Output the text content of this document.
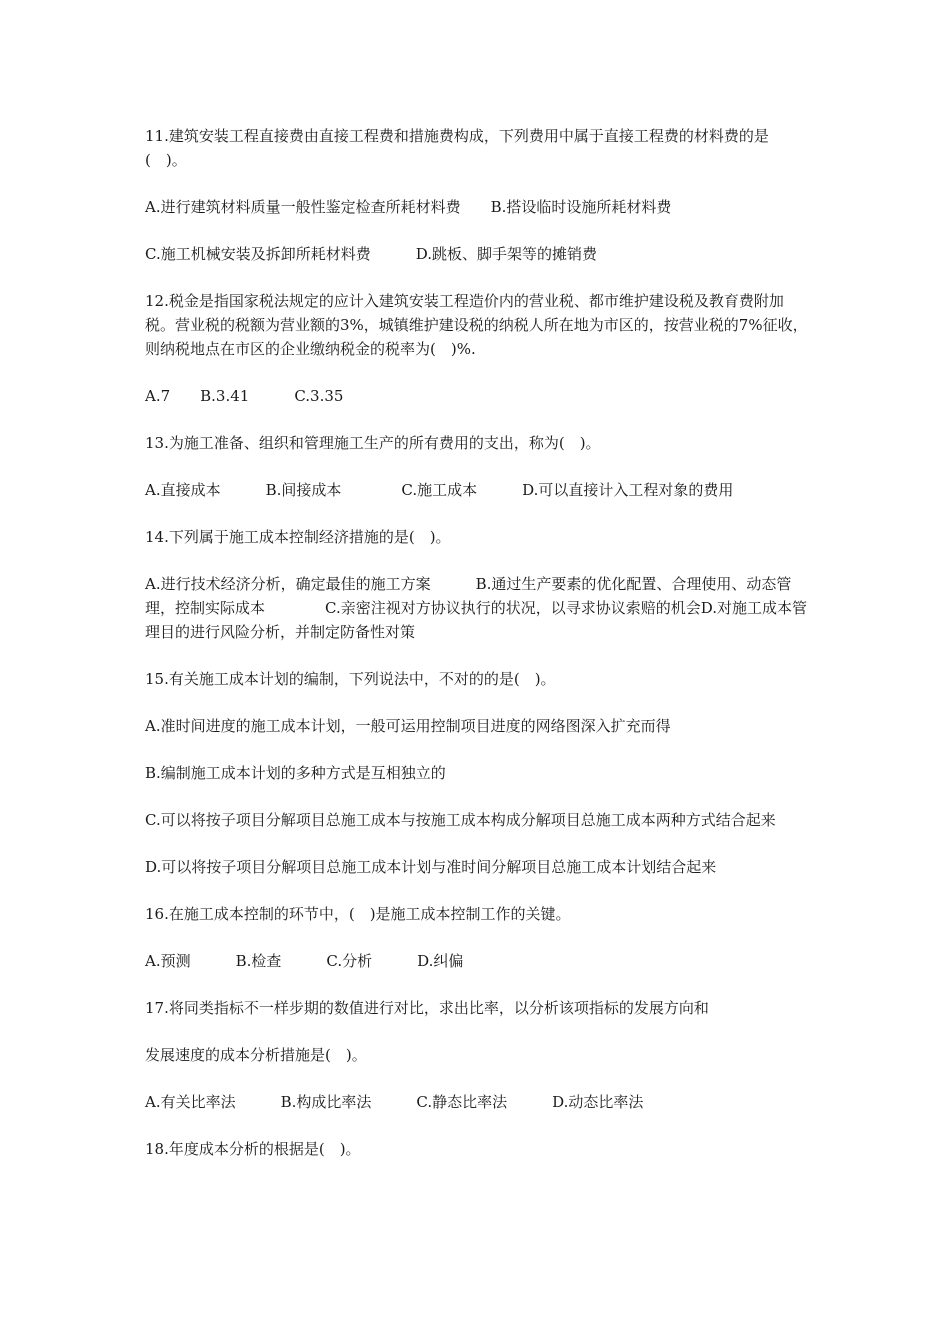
11.建筑安装工程直接费由直接工程费和措施费构成，下列费用中属于直接工程费的材料费的是(　)。

A.进行建筑材料质量一般性鉴定检查所耗材料费　　B.搭设临时设施所耗材料费

C.施工机械安装及拆卸所耗材料费　　　D.跳板、脚手架等的摊销费

12.税金是指国家税法规定的应计入建筑安装工程造价内的营业税、都市维护建设税及教育费附加税。营业税的税额为营业额的3%，城镇维护建设税的纳税人所在地为市区的，按营业税的7%征收，则纳税地点在市区的企业缴纳税金的税率为(　)%.

A.7　　B.3.41　　　C.3.35

13.为施工准备、组织和管理施工生产的所有费用的支出，称为(　)。

A.直接成本　　　B.间接成本　　　　C.施工成本　　　D.可以直接计入工程对象的费用

14.下列属于施工成本控制经济措施的是(　)。

A.进行技术经济分析，确定最佳的施工方案　　　B.通过生产要素的优化配置、合理使用、动态管理，控制实际成本　　　　C.亲密注视对方协议执行的状况，以寻求协议索赔的机会D.对施工成本管理目的进行风险分析，并制定防备性对策

15.有关施工成本计划的编制，下列说法中，不对的的是(　)。

A.准时间进度的施工成本计划，一般可运用控制项目进度的网络图深入扩充而得

B.编制施工成本计划的多种方式是互相独立的

C.可以将按子项目分解项目总施工成本与按施工成本构成分解项目总施工成本两种方式结合起来

D.可以将按子项目分解项目总施工成本计划与准时间分解项目总施工成本计划结合起来

16.在施工成本控制的环节中，(　)是施工成本控制工作的关键。

A.预测　　　B.检查　　　C.分析　　　D.纠偏

17.将同类指标不一样步期的数值进行对比，求出比率，以分析该项指标的发展方向和

发展速度的成本分析措施是(　)。

A.有关比率法　　　B.构成比率法　　　C.静态比率法　　　D.动态比率法

18.年度成本分析的根据是(　)。
